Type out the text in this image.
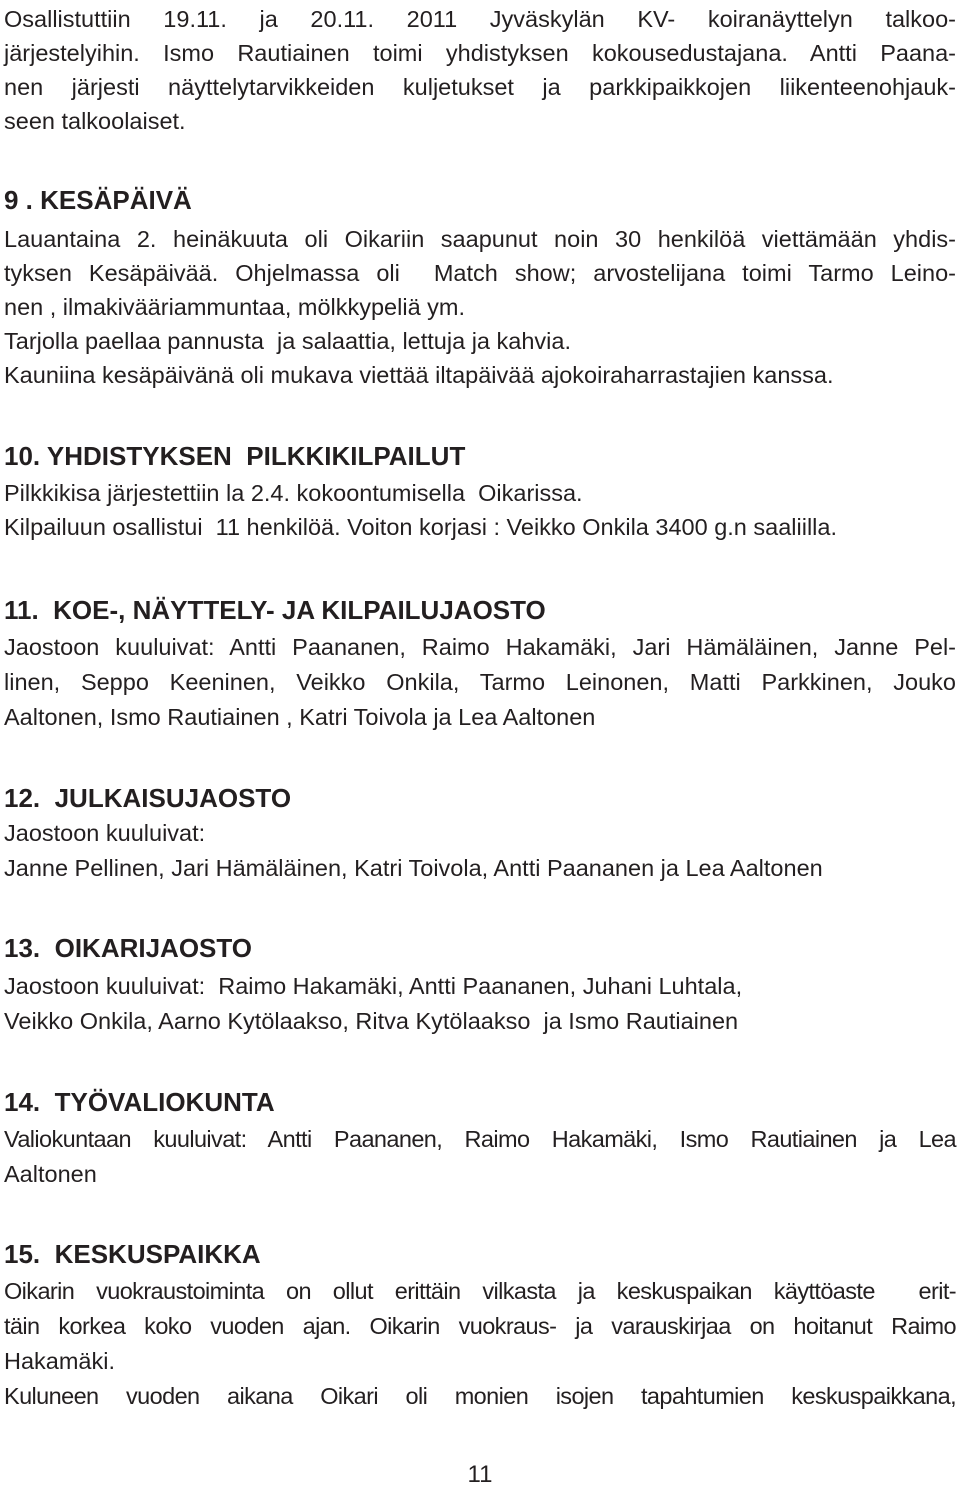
Osallistuttiin 19.11. ja 20.11. 2011 Jyväskylän KV- koiranäyttelyn talkoo-
järjestelyihin. Ismo Rautiainen toimi yhdistyksen kokousedustajana. Antti Paana-
nen järjesti näyttelytarvikkeiden kuljetukset ja parkkipaikkojen liikenteenohjauk-
seen talkoolaiset.
9 . KESÄPÄIVÄ
Lauantaina 2. heinäkuuta oli Oikariin saapunut noin 30 henkilöä viettämään yhdis-
tyksen Kesäpäivää. Ohjelmassa oli  Match show; arvostelijana toimi Tarmo Leino-
nen , ilmakivääriammuntaa, mölkkypeliä ym.
Tarjolla paellaa pannusta  ja salaattia, lettuja ja kahvia.
Kauniina kesäpäivänä oli mukava viettää iltapäivää ajokoiraharrastajien kanssa.
10. YHDISTYKSEN  PILKKIKILPAILUT
Pilkkikisa järjestettiin la 2.4. kokoontumisella  Oikarissa.
Kilpailuun osallistui  11 henkilöä. Voiton korjasi : Veikko Onkila 3400 g.n saaliilla.
11.  KOE-, NÄYTTELY- JA KILPAILUJAOSTO
Jaostoon kuuluivat: Antti Paananen, Raimo Hakamäki, Jari Hämäläinen, Janne Pel-
linen, Seppo Keeninen, Veikko Onkila, Tarmo Leinonen, Matti Parkkinen, Jouko
Aaltonen, Ismo Rautiainen , Katri Toivola ja Lea Aaltonen
12.  JULKAISUJAOSTO
Jaostoon kuuluivat:
Janne Pellinen, Jari Hämäläinen, Katri Toivola, Antti Paananen ja Lea Aaltonen
13.  OIKARIJAOSTO
Jaostoon kuuluivat:  Raimo Hakamäki, Antti Paananen, Juhani Luhtala,
Veikko Onkila, Aarno Kytölaakso, Ritva Kytölaakso  ja Ismo Rautiainen
14.  TYÖVALIOKUNTA
Valiokuntaan kuuluivat: Antti Paananen, Raimo Hakamäki, Ismo Rautiainen ja Lea
Aaltonen
15.  KESKUSPAIKKA
Oikarin vuokraustoiminta on ollut erittäin vilkasta ja keskuspaikan käyttöaste  erit-
täin korkea koko vuoden ajan. Oikarin vuokraus- ja varauskirjaa on hoitanut Raimo
Hakamäki.
Kuluneen vuoden aikana Oikari oli monien isojen tapahtumien keskuspaikkana,
11
